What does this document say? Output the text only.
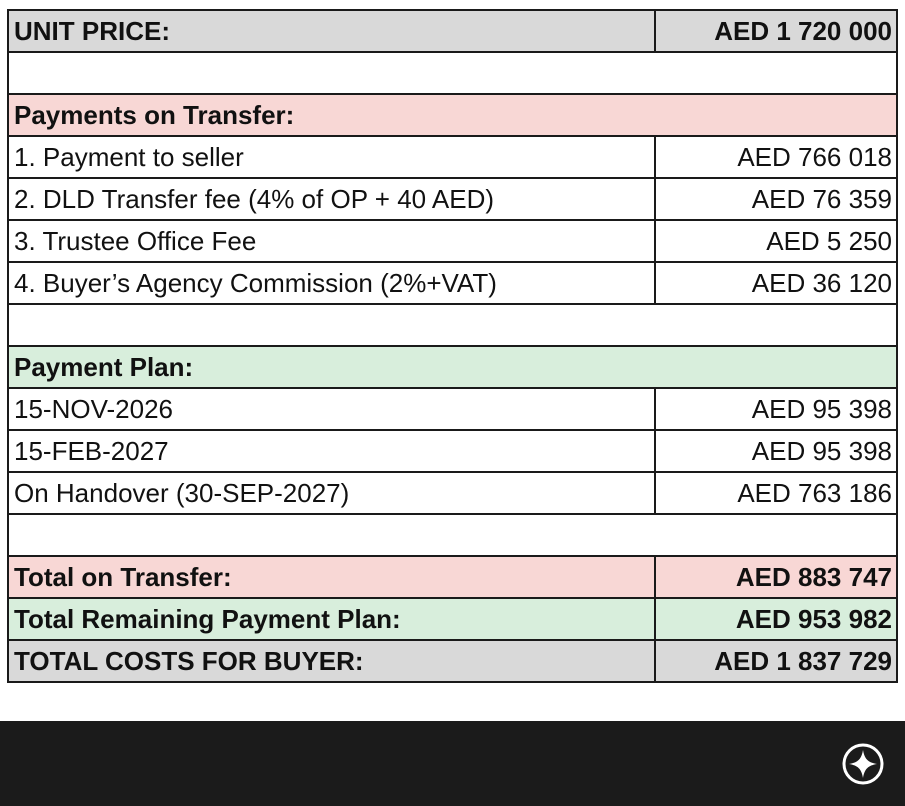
UNIT PRICE:	AED 1 720 000

Payments on Transfer:	
1. Payment to seller	AED 766 018
2. DLD Transfer fee (4% of OP + 40 AED)	AED 76 359
3. Trustee Office Fee	AED 5 250
4. Buyer’s Agency Commission (2%+VAT)	AED 36 120

Payment Plan:	
15-NOV-2026	AED 95 398
15-FEB-2027	AED 95 398
On Handover (30-SEP-2027)	AED 763 186

Total on Transfer:	AED 883 747
Total Remaining Payment Plan:	AED 953 982
TOTAL COSTS FOR BUYER:	AED 1 837 729
